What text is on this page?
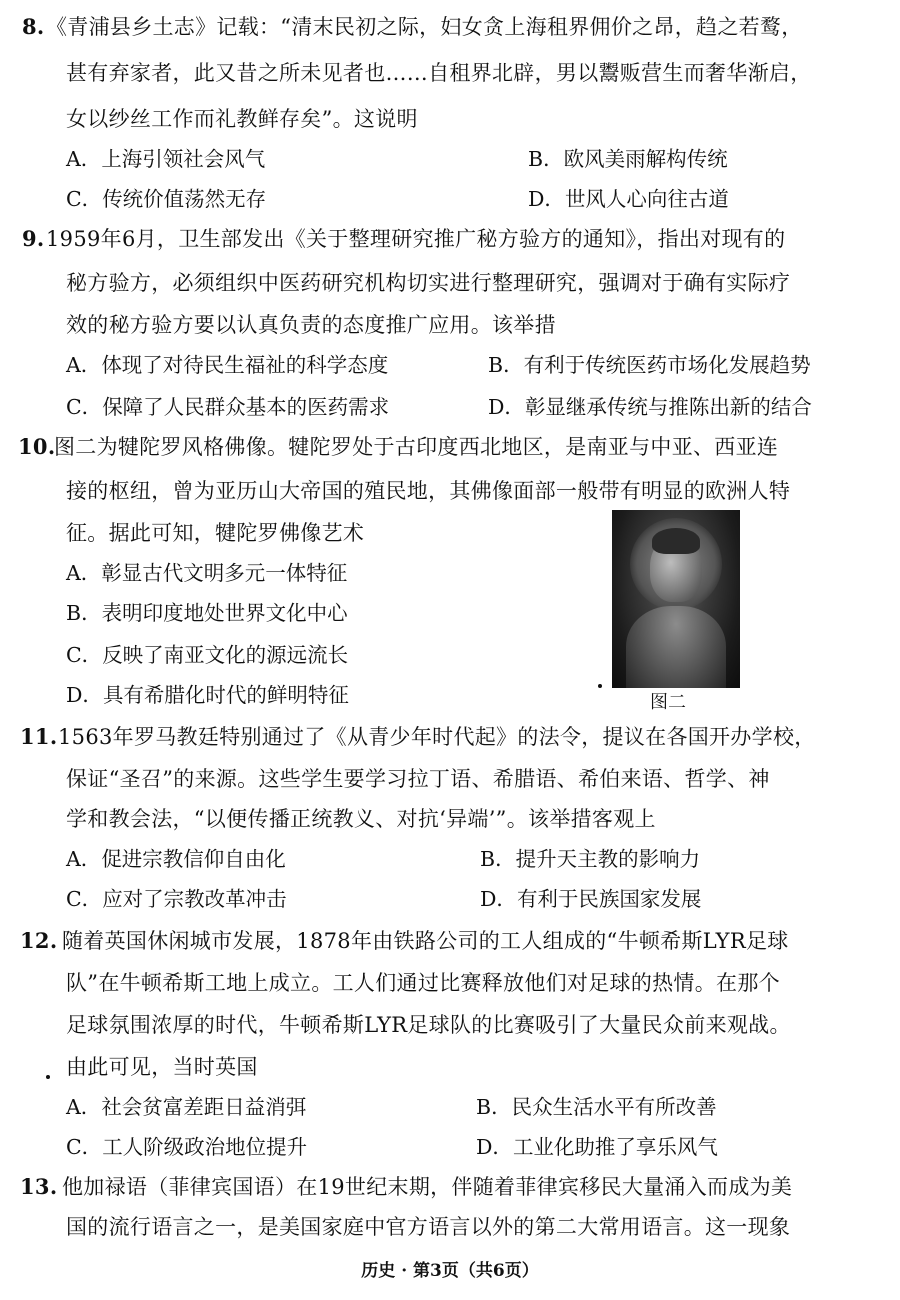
8. 《青浦县乡土志》记载：“清末民初之际，妇女贪上海租界佣价之昂，趋之若鹜，
甚有弃家者，此又昔之所未见者也……自租界北辟，男以鬻贩营生而奢华渐启，
女以纱丝工作而礼教鲜存矣”。这说明
A．上海引领社会风气	B．欧风美雨解构传统
C．传统价值荡然无存	D．世风人心向往古道
9. 1959年6月，卫生部发出《关于整理研究推广秘方验方的通知》，指出对现有的
秘方验方，必须组织中医药研究机构切实进行整理研究，强调对于确有实际疗
效的秘方验方要以认真负责的态度推广应用。该举措
A．体现了对待民生福祉的科学态度	B．有利于传统医药市场化发展趋势
C．保障了人民群众基本的医药需求	D．彰显继承传统与推陈出新的结合
10.
图二为犍陀罗风格佛像。犍陀罗处于古印度西北地区，是南亚与中亚、西亚连
接的枢纽，曾为亚历山大帝国的殖民地，其佛像面部一般带有明显的欧洲人特
征。据此可知，犍陀罗佛像艺术
A．彰显古代文明多元一体特征
B．表明印度地处世界文化中心
C．反映了南亚文化的源远流长
D．具有希腊化时代的鲜明特征	图二
11. 1563年罗马教廷特别通过了《从青少年时代起》的法令，提议在各国开办学校，
保证“圣召”的来源。这些学生要学习拉丁语、希腊语、希伯来语、哲学、神
学和教会法，“以便传播正统教义、对抗‘异端’”。该举措客观上
A．促进宗教信仰自由化	B．提升天主教的影响力
C．应对了宗教改革冲击	D．有利于民族国家发展
12. 随着英国休闲城市发展，1878年由铁路公司的工人组成的“牛顿希斯LYR足球
队”在牛顿希斯工地上成立。工人们通过比赛释放他们对足球的热情。在那个
足球氛围浓厚的时代，牛顿希斯LYR足球队的比赛吸引了大量民众前来观战。
由此可见，当时英国
A．社会贫富差距日益消弭	B．民众生活水平有所改善
C．工人阶级政治地位提升	D．工业化助推了享乐风气
13. 他加禄语（菲律宾国语）在19世纪末期，伴随着菲律宾移民大量涌入而成为美
国的流行语言之一，是美国家庭中官方语言以外的第二大常用语言。这一现象
历史 · 第3页（共6页）
